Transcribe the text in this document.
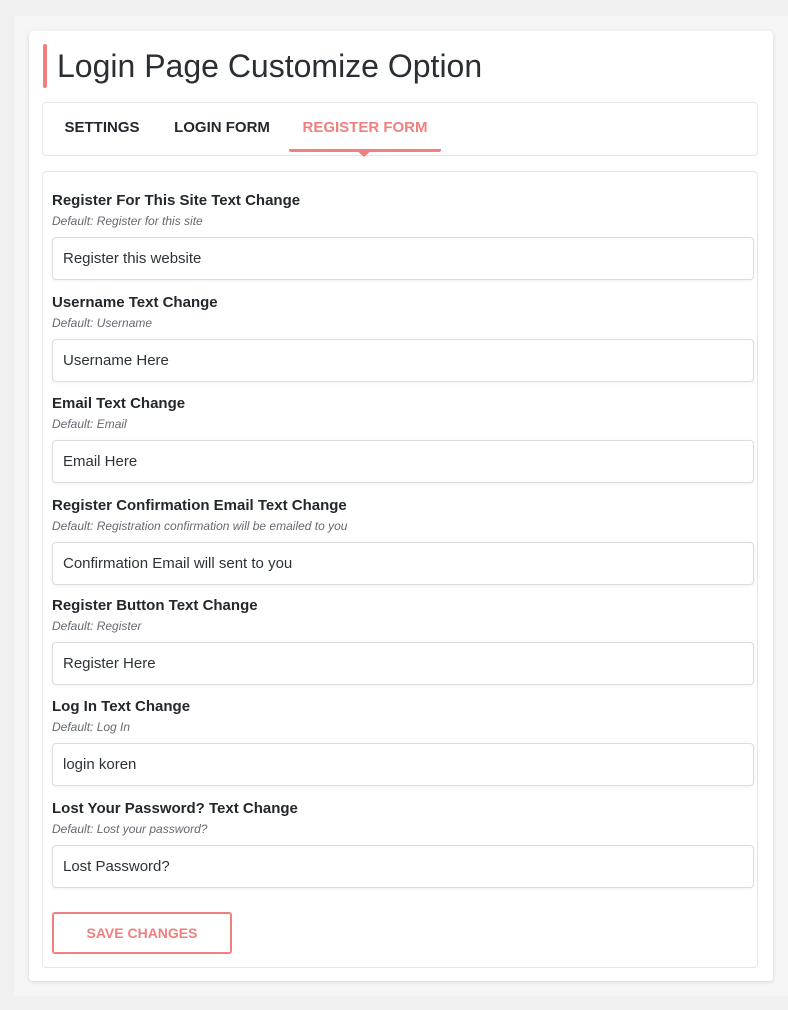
Login Page Customize Option
SETTINGS LOGIN FORM	REGISTER FORM
Register For This Site Text Change
Default: Register for this site
Register this website
Username Text Change
Default: Username
Username Here
Email Text Change
Default: Email
Email Here
Register Confirmation Email Text Change
Default: Registration confirmation will be emailed to you
Confirmation Email will sent to you
Register Button Text Change
Default: Register
Register Here
Log In Text Change
Default: Log In
login koren
Lost Your Password? Text Change
Default: Lost your password?
Lost Password?
SAVE CHANGES
